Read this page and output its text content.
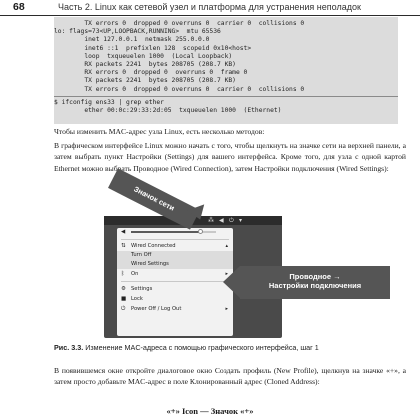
68	Часть 2. Linux как сетевой узел и платформа для устранения неполадок
TX errors 0  dropped 0 overruns 0  carrier 0  collisions 0
lo: flags=73<UP,LOOPBACK,RUNNING>  mtu 65536
inet 127.0.0.1  netmask 255.0.0.0
inet6 ::1  prefixlen 128  scopeid 0x10<host>
loop  txqueuelen 1000  (Local Loopback)
RX packets 2241  bytes 208705 (208.7 KB)
RX errors 0  dropped 0  overruns 0  frame 0
TX packets 2241  bytes 208705 (208.7 KB)
TX errors 0  dropped 0 overruns 0  carrier 0  collisions 0
$ ifconfig ens33 | grep ether
ether 00:0c:29:33:2d:05  txqueuelen 1000  (Ethernet)

Чтобы изменить MAC-адрес узла Linux, есть несколько методов:

В графическом интерфейсе Linux можно начать с того, чтобы щелкнуть на значке сети на верхней панели, а затем выбрать пункт Настройки (Settings) для вашего интерфейса. Кроме того, для узла с одной картой Ethernet можно выбрать Проводное (Wired Connection), затем Настройки подключения (Wired Settings):

⁂ ◀ ⏻ ▾
◀
⇅ Wired Connected	▴
Turn Off
Wired Settings
ᛒ On	▸
⚙ Settings
■ Lock
⏻ Power Off / Log Out	▸
Значок сети
Проводное →
Настройки подключения
Рис. 3.3. Изменение MAC-адреса с помощью графического интерфейса, шаг 1

В появившемся окне откройте диалоговое окно Создать профиль (New Profile), щелкнув на значке «+», а затем просто добавьте MAC-адрес в поле Клонированный адрес (Cloned Address):

«+» Icon — Значок «+»
